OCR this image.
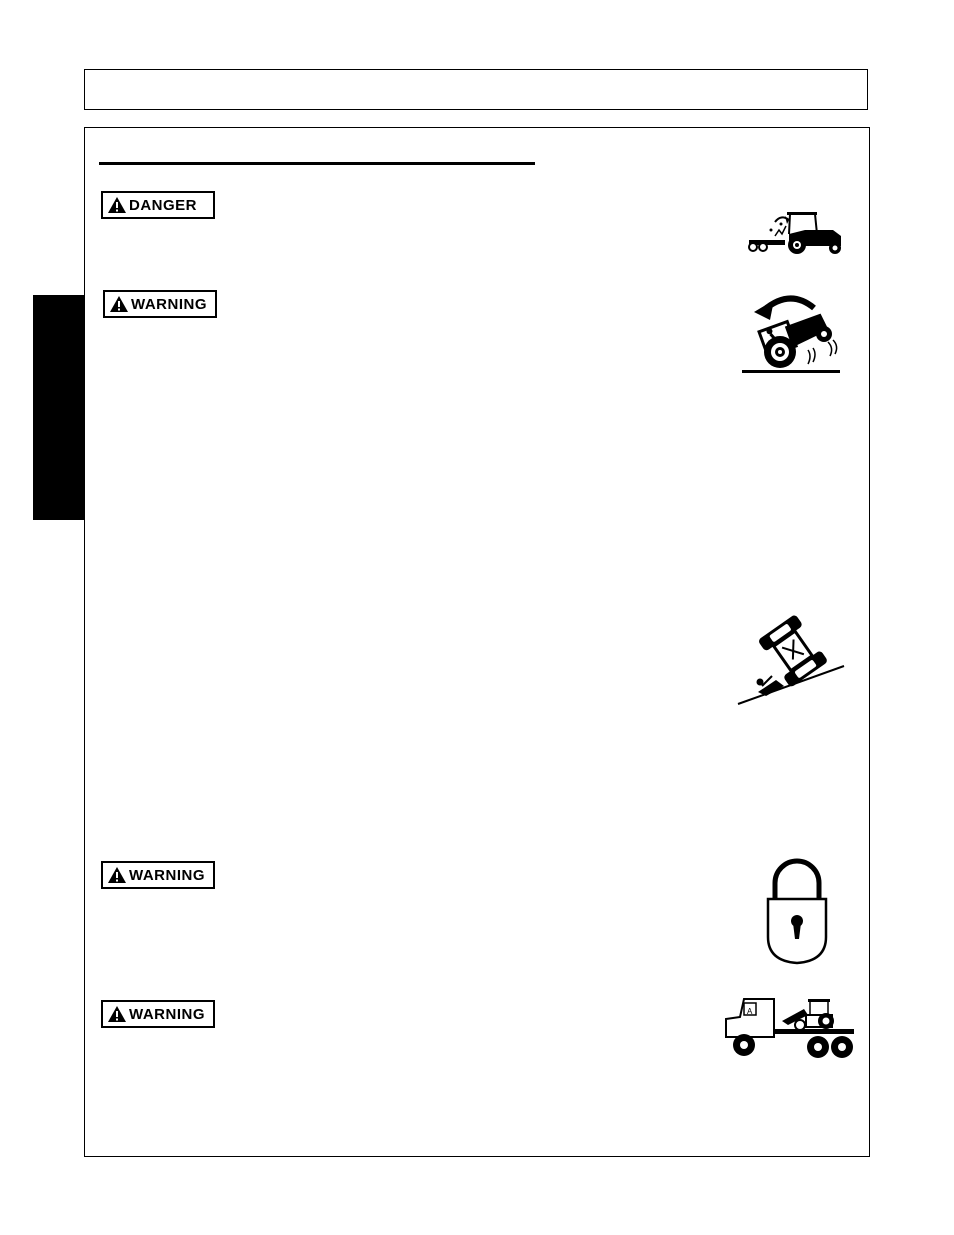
DANGER
WARNING
WARNING
WARNING	A
